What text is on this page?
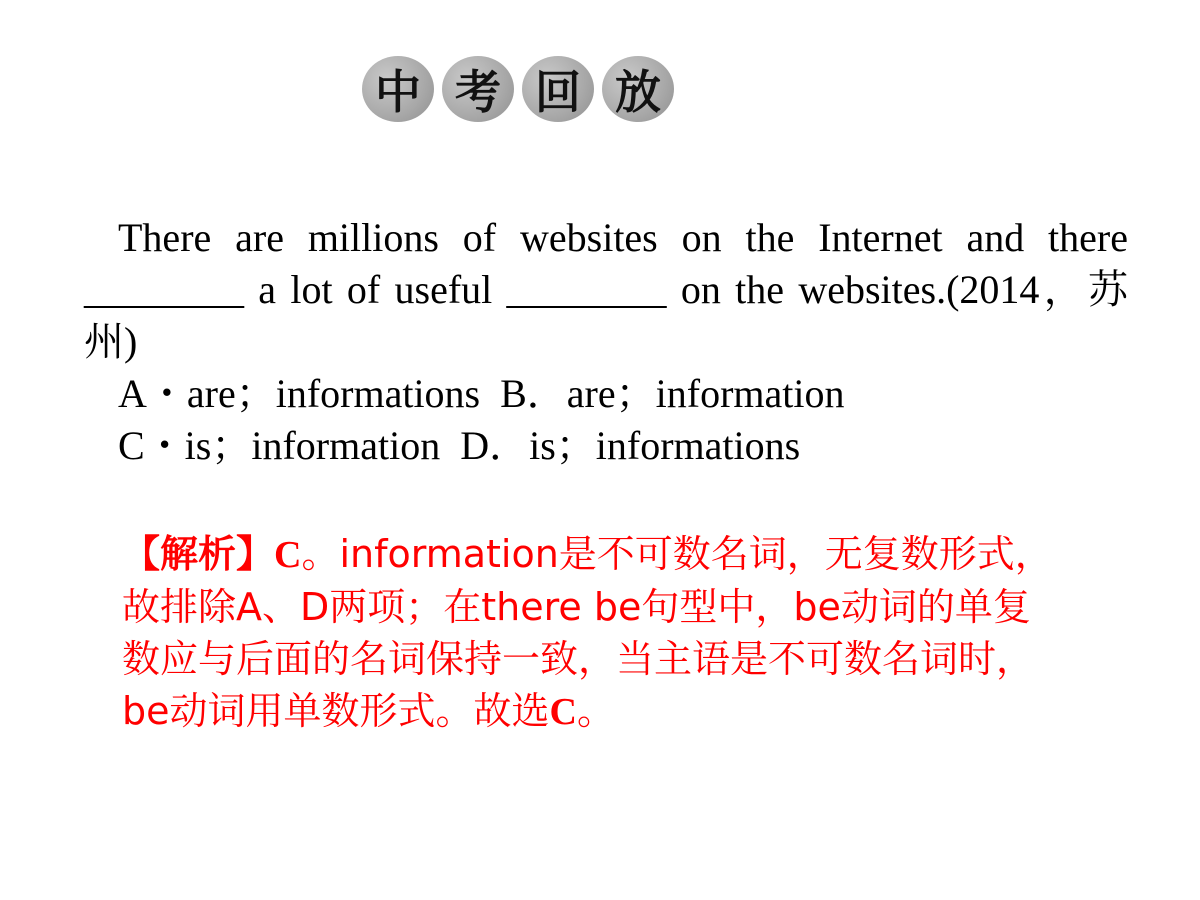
中 考 回 放

There are millions of websites on the Internet and there ________ a lot of useful ________ on the websites.(2014，苏州)

A・are；informations  B．are；information

C・is；information  D．is；informations

【解析】C。information是不可数名词，无复数形式，故排除A、D两项；在there be句型中，be动词的单复数应与后面的名词保持一致，当主语是不可数名词时，be动词用单数形式。故选C。
